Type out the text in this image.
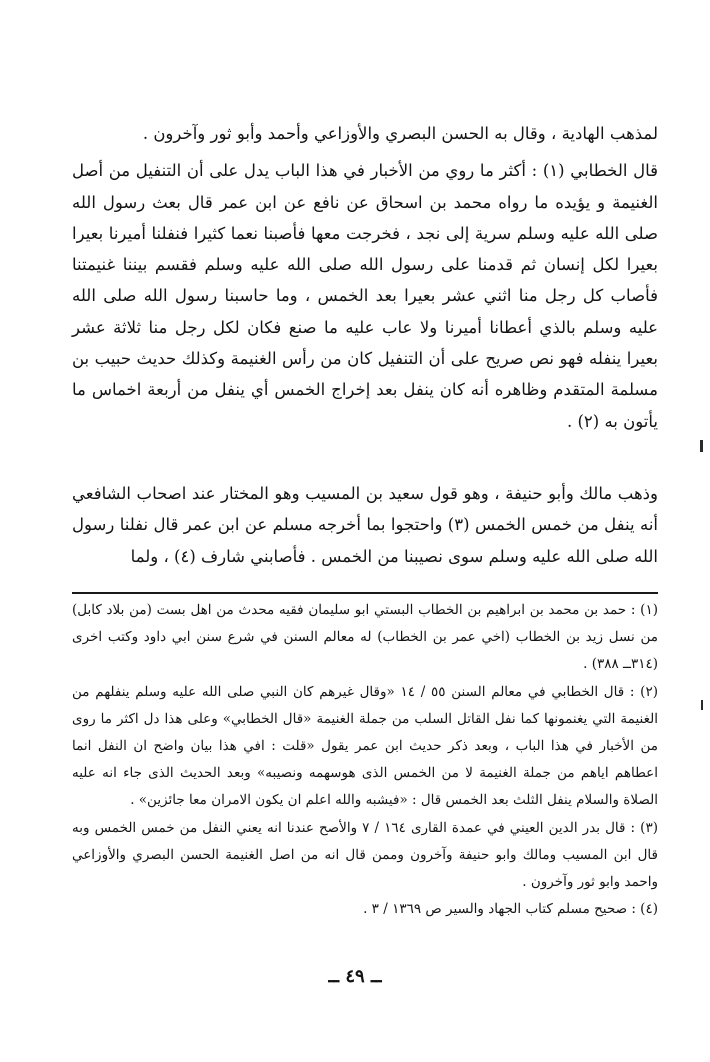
لمذهب الهادية ، وقال به الحسن البصري والأوزاعي وأحمد وأبو ثور وآخرون .

قال الخطابي (١) : أكثر ما روي من الأخبار في هذا الباب يدل على أن التنفيل من أصل الغنيمة و يؤيده ما رواه محمد بن اسحاق عن نافع عن ابن عمر قال بعث رسول الله صلى الله عليه وسلم سرية إلى نجد ، فخرجت معها فأصبنا نعما كثيرا فنفلنا أميرنا بعيرا بعيرا لكل إنسان ثم قدمنا على رسول الله صلى الله عليه وسلم فقسم بيننا غنيمتنا فأصاب كل رجل منا اثني عشر بعيرا بعد الخمس ، وما حاسبنا رسول الله صلى الله عليه وسلم بالذي أعطانا أميرنا ولا عاب عليه ما صنع فكان لكل رجل منا ثلاثة عشر بعيرا ينفله فهو نص صريح على أن التنفيل كان من رأس الغنيمة وكذلك حديث حبيب بن مسلمة المتقدم وظاهره أنه كان ينفل بعد إخراج الخمس أي ينفل من أربعة اخماس ما يأتون به (٢) .

وذهب مالك وأبو حنيفة ، وهو قول سعيد بن المسيب وهو المختار عند اصحاب الشافعي أنه ينفل من خمس الخمس (٣) واحتجوا بما أخرجه مسلم عن ابن عمر قال نفلنا رسول الله صلى الله عليه وسلم سوى نصيبنا من الخمس . فأصابني شارف (٤) ، ولما

(١) : حمد بن محمد بن ابراهيم بن الخطاب البستي ابو سليمان فقيه محدث من اهل بست (من بلاد كابل) من نسل زيد بن الخطاب (اخي عمر بن الخطاب) له معالم السنن في شرع سنن ابي داود وكتب اخرى (٣١٤ــ ٣٨٨) .

(٢) : قال الخطابي في معالم السنن ٥٥ / ١٤ «وقال غيرهم كان النبي صلى الله عليه وسلم ينفلهم من الغنيمة التي يغنمونها كما نفل القاتل السلب من جملة الغنيمة «قال الخطابي» وعلى هذا دل اكثر ما روى من الأخبار في هذا الباب ، وبعد ذكر حديث ابن عمر يقول «قلت : افي هذا بيان واضح ان النفل انما اعطاهم اياهم من جملة الغنيمة لا من الخمس الذى هوسهمه ونصيبه» وبعد الحديث الذى جاء انه عليه الصلاة والسلام ينفل الثلث بعد الخمس قال : «فيشبه والله اعلم ان يكون الامران معا جائزين» .

(٣) : قال بدر الدين العيني في عمدة القارى ١٦٤ / ٧ والأصح عندنا انه يعني النفل من خمس الخمس وبه قال ابن المسيب ومالك وابو حنيفة وآخرون وممن قال انه من اصل الغنيمة الحسن البصري والأوزاعي واحمد وابو ثور وآخرون .

(٤) : صحيح مسلم كتاب الجهاد والسير ص ١٣٦٩ / ٣ .

ــ ٤٩ ــ
